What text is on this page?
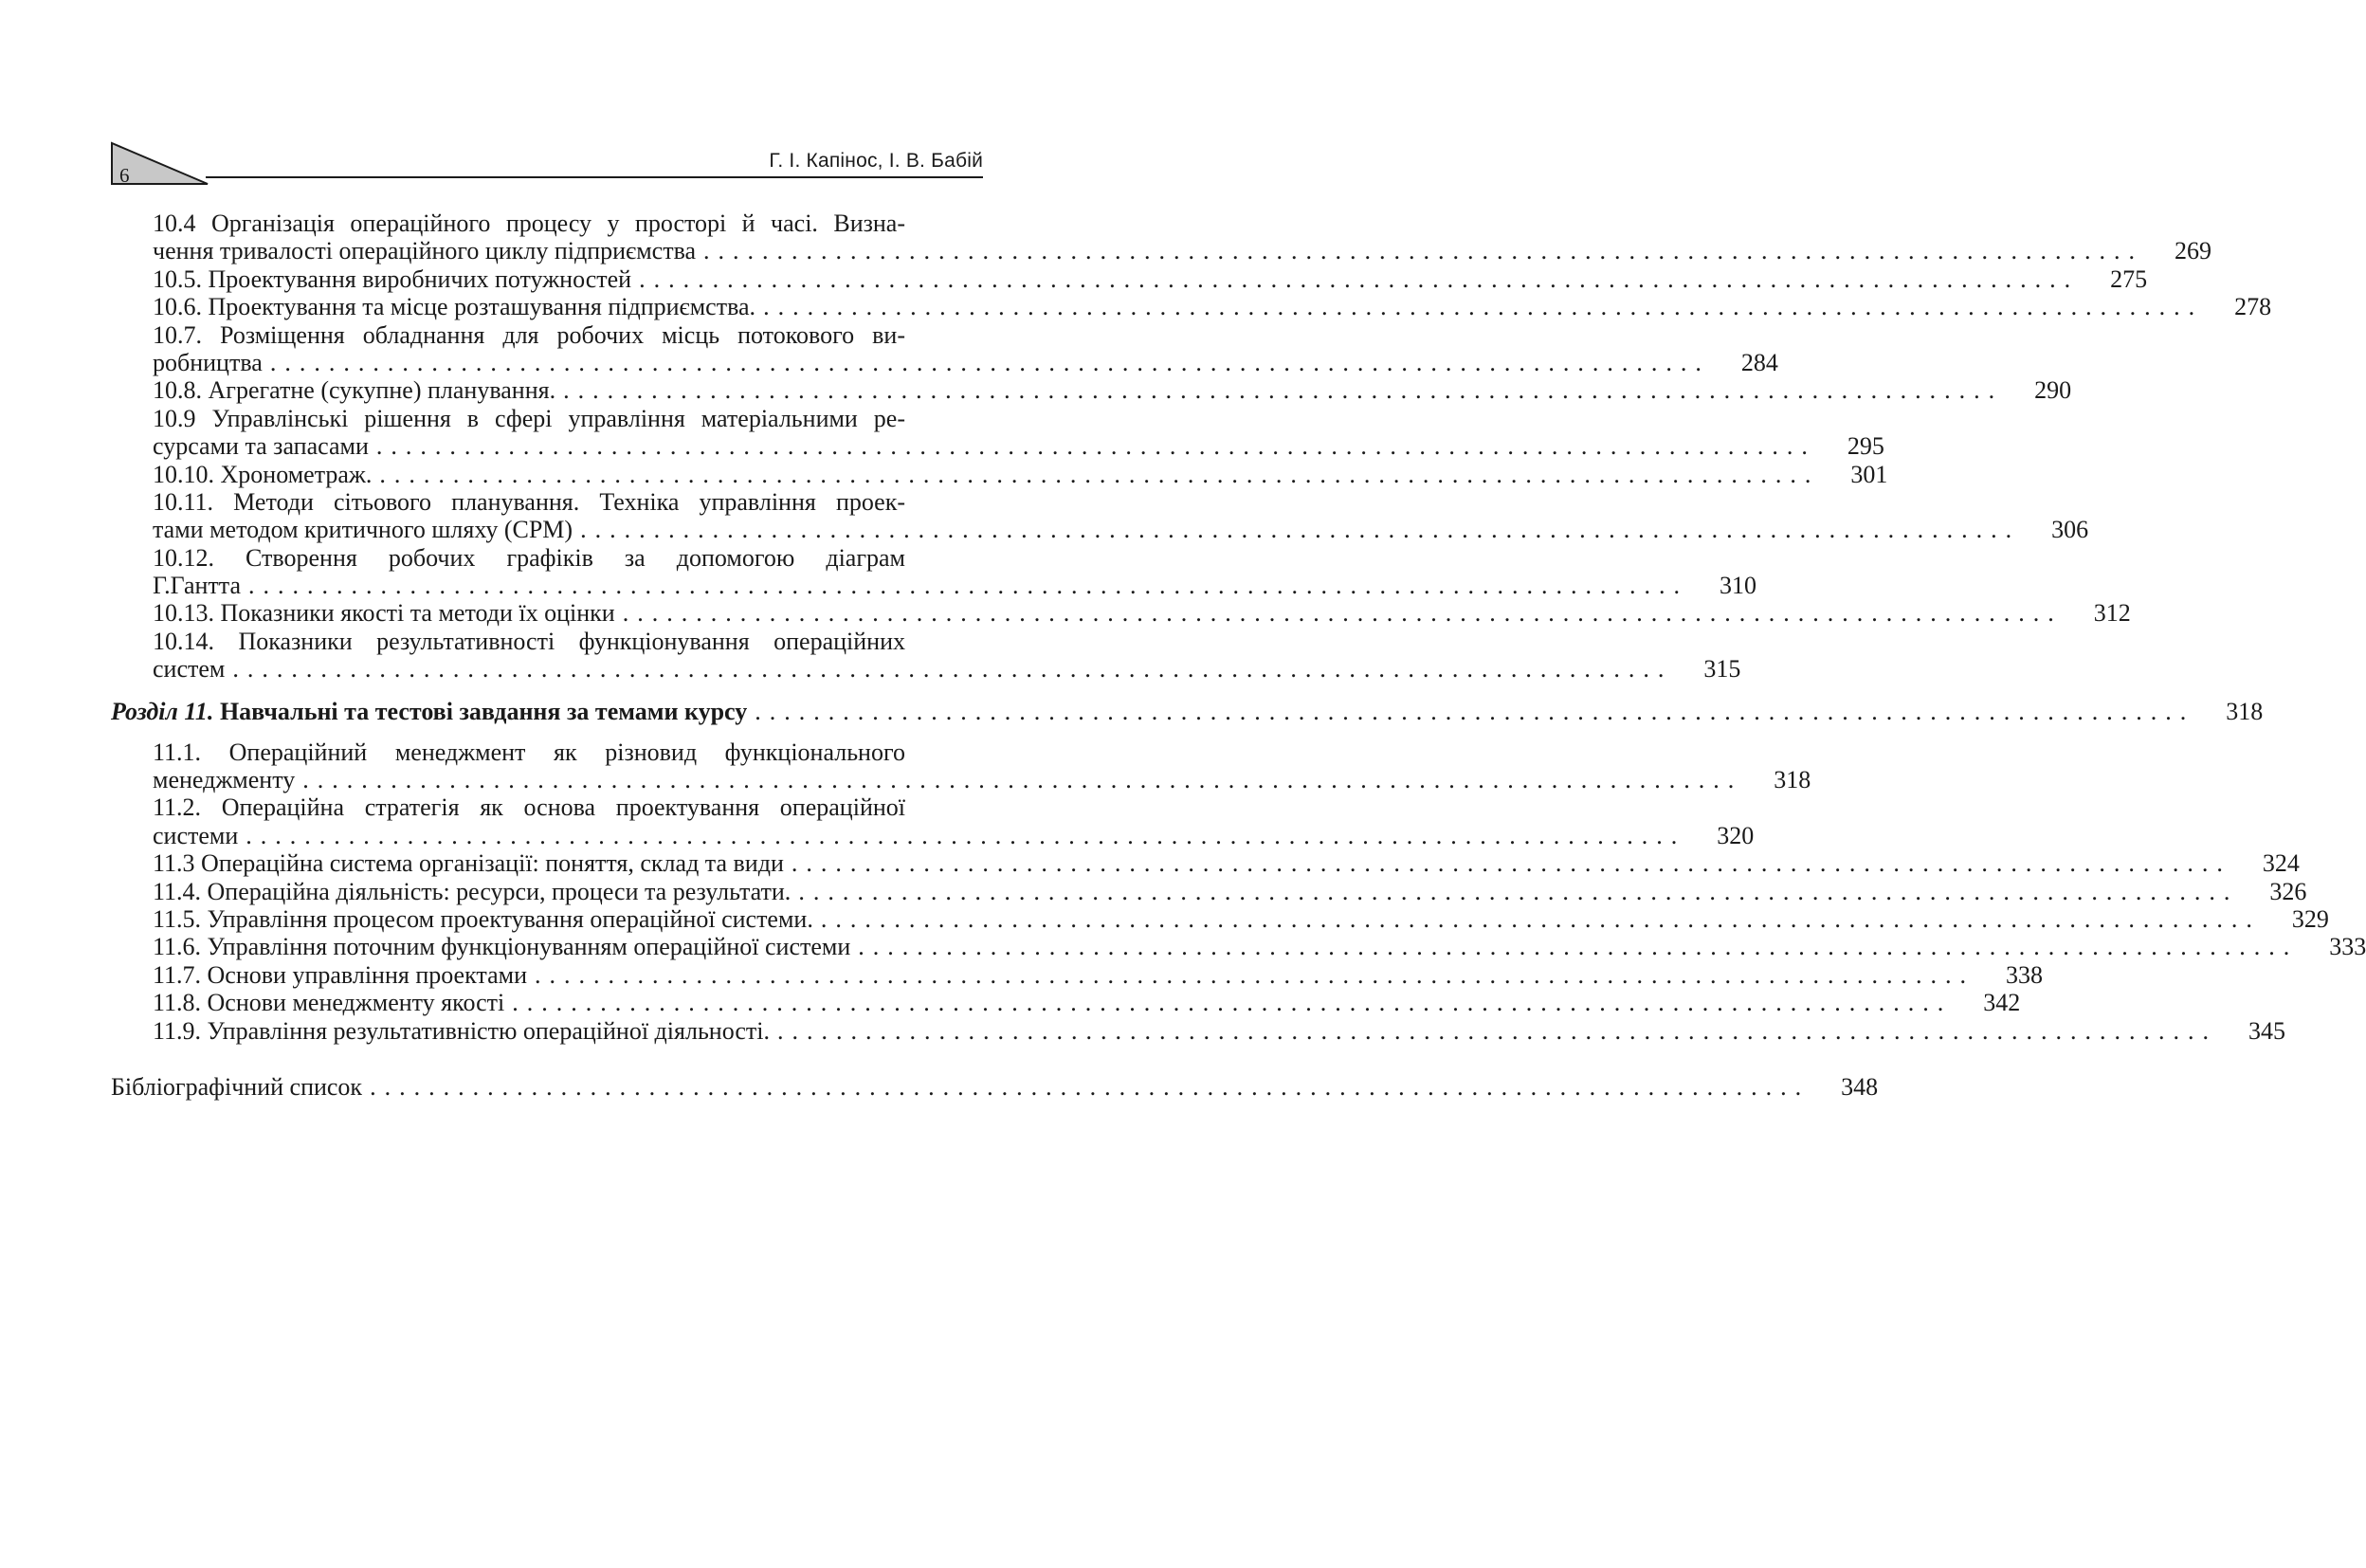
6
Г. І. Капінос, І. В. Бабій
10.4 Організація операційного процесу у просторі й часі. Визна-
чення тривалості операційного циклу підприємства ..................................................................................................	269
10.5. Проектування виробничих потужностей ..................................................................................................	275
10.6. Проектування та місце розташування підприємства. ..................................................................................................	278
10.7. Розміщення обладнання для робочих місць потокового ви-
робництва ..................................................................................................	284
10.8. Агрегатне (сукупне) планування. ..................................................................................................	290
10.9 Управлінські рішення в сфері управління матеріальними ре-
сурсами та запасами ..................................................................................................	295
10.10. Хронометраж. ..................................................................................................	301
10.11. Методи сітьового планування. Техніка управління проек-
тами методом критичного шляху (CPM) ..................................................................................................	306
10.12. Створення робочих графіків за допомогою діаграм
Г.Гантта ..................................................................................................	310
10.13. Показники якості та методи їх оцінки ..................................................................................................	312
10.14. Показники результативності функціонування операційних
систем ..................................................................................................	315
Розділ 11. Навчальні та тестові завдання за темами курсу ..................................................................................................	318
11.1. Операційний менеджмент як різновид функціонального
менеджменту ..................................................................................................	318
11.2. Операційна стратегія як основа проектування операційної
системи ..................................................................................................	320
11.3 Операційна система організації: поняття, склад та види ..................................................................................................	324
11.4. Операційна діяльність: ресурси, процеси та результати. ..................................................................................................	326
11.5. Управління процесом проектування операційної системи. ..................................................................................................	329
11.6. Управління поточним функціонуванням операційної системи ..................................................................................................	333
11.7. Основи управління проектами ..................................................................................................	338
11.8. Основи менеджменту якості ..................................................................................................	342
11.9. Управління результативністю операційної діяльності. ..................................................................................................	345
Бібліографічний список ..................................................................................................	348
